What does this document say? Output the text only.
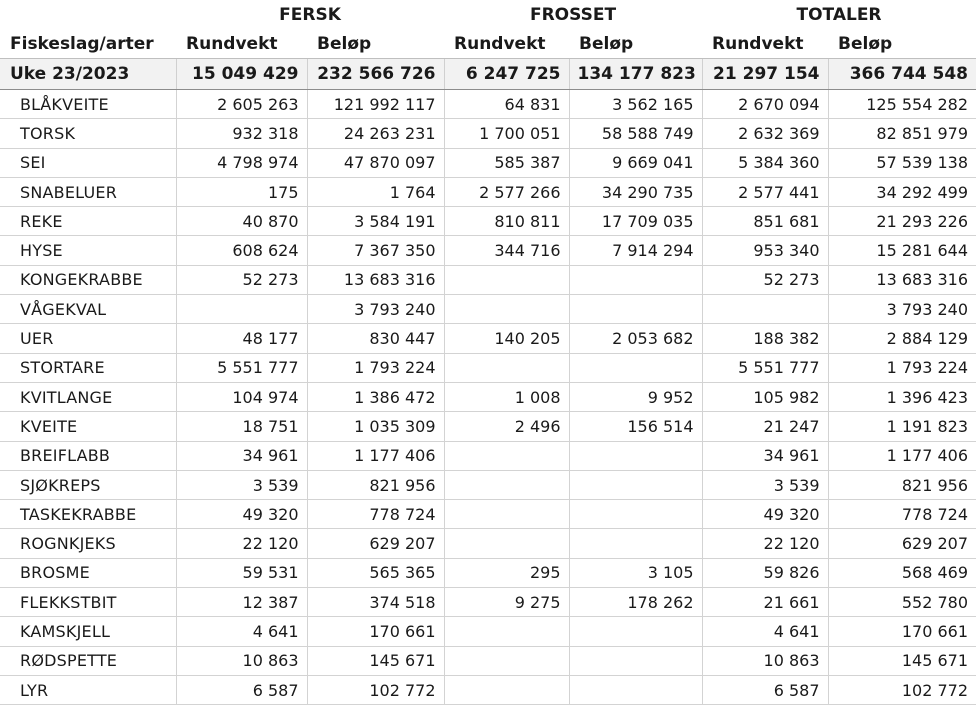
	FERSK		FROSSET		TOTALER	
Fiskeslag/arter	Rundvekt	Beløp	Rundvekt	Beløp	Rundvekt	Beløp
Uke 23/2023	15 049 429	232 566 726	6 247 725	134 177 823	21 297 154	366 744 548
BLÅKVEITE	2 605 263	121 992 117	64 831	3 562 165	2 670 094	125 554 282
TORSK	932 318	24 263 231	1 700 051	58 588 749	2 632 369	82 851 979
SEI	4 798 974	47 870 097	585 387	9 669 041	5 384 360	57 539 138
SNABELUER	175	1 764	2 577 266	34 290 735	2 577 441	34 292 499
REKE	40 870	3 584 191	810 811	17 709 035	851 681	21 293 226
HYSE	608 624	7 367 350	344 716	7 914 294	953 340	15 281 644
KONGEKRABBE	52 273	13 683 316			52 273	13 683 316
VÅGEKVAL		3 793 240				3 793 240
UER	48 177	830 447	140 205	2 053 682	188 382	2 884 129
STORTARE	5 551 777	1 793 224			5 551 777	1 793 224
KVITLANGE	104 974	1 386 472	1 008	9 952	105 982	1 396 423
KVEITE	18 751	1 035 309	2 496	156 514	21 247	1 191 823
BREIFLABB	34 961	1 177 406			34 961	1 177 406
SJØKREPS	3 539	821 956			3 539	821 956
TASKEKRABBE	49 320	778 724			49 320	778 724
ROGNKJEKS	22 120	629 207			22 120	629 207
BROSME	59 531	565 365	295	3 105	59 826	568 469
FLEKKSTBIT	12 387	374 518	9 275	178 262	21 661	552 780
KAMSKJELL	4 641	170 661			4 641	170 661
RØDSPETTE	10 863	145 671			10 863	145 671
LYR	6 587	102 772			6 587	102 772
